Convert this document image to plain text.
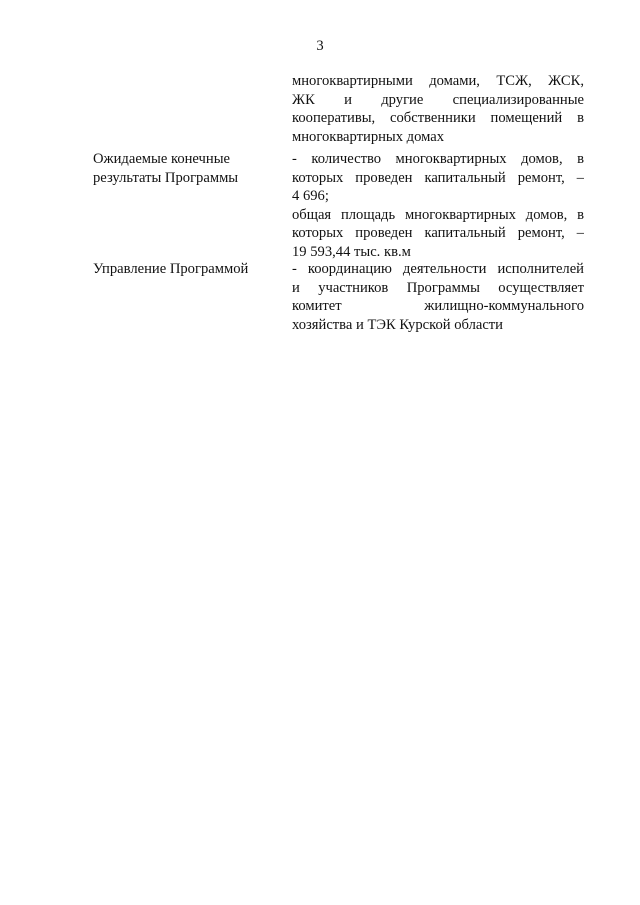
3
многоквартирными домами, ТСЖ, ЖСК,
ЖК и другие специализированные
кооперативы, собственники помещений в
многоквартирных домах
Ожидаемые конечные
результаты Программы
- количество многоквартирных домов, в
которых проведен капитальный ремонт, –
4 696;
общая площадь многоквартирных домов, в
которых проведен капитальный ремонт, –
19 593,44 тыс. кв.м
Управление Программой	- координацию деятельности исполнителей
и участников Программы осуществляет
комитет жилищно-коммунального
хозяйства и ТЭК Курской области
